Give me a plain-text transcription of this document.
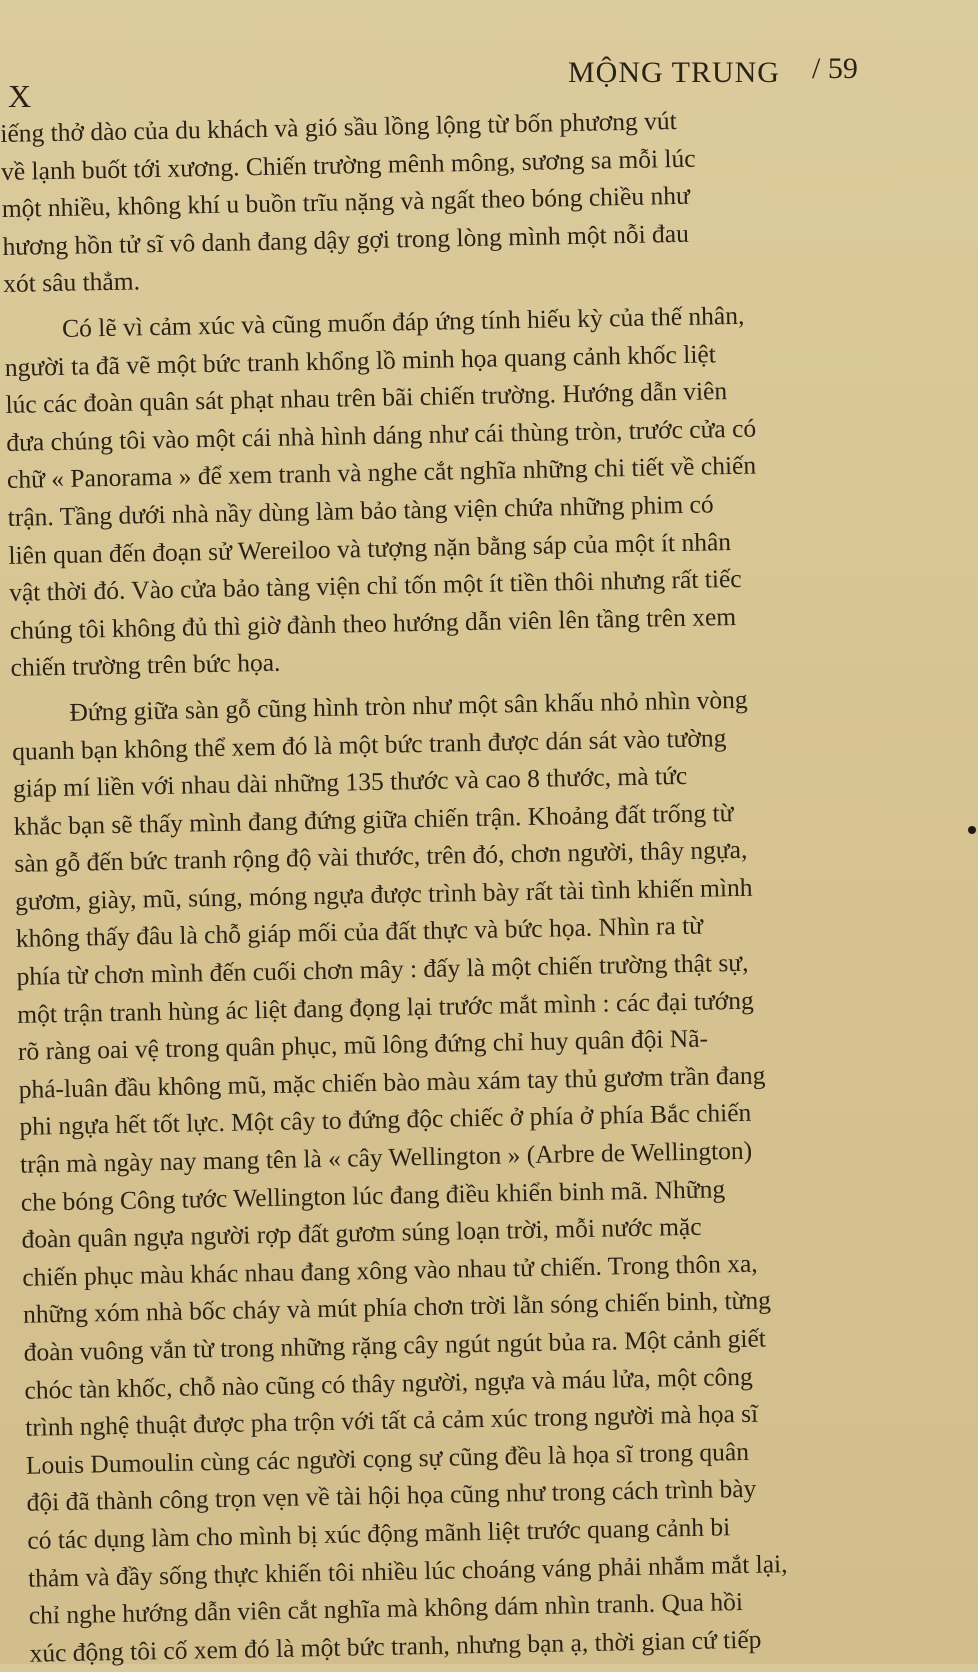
X
MỘNG TRUNG / 59
iếng thở dào của du khách và gió sầu lồng lộng từ bốn phương vút
về lạnh buốt tới xương. Chiến trường mênh mông, sương sa mỗi lúc
một nhiều, không khí u buồn trĩu nặng và ngất theo bóng chiều như
hương hồn tử sĩ vô danh đang dậy gợi trong lòng mình một nỗi đau
xót sâu thẳm.
Có lẽ vì cảm xúc và cũng muốn đáp ứng tính hiếu kỳ của thế nhân,
người ta đã vẽ một bức tranh khổng lồ minh họa quang cảnh khốc liệt
lúc các đoàn quân sát phạt nhau trên bãi chiến trường. Hướng dẫn viên
đưa chúng tôi vào một cái nhà hình dáng như cái thùng tròn, trước cửa có
chữ « Panorama » để xem tranh và nghe cắt nghĩa những chi tiết về chiến
trận. Tầng dưới nhà nầy dùng làm bảo tàng viện chứa những phim có
liên quan đến đoạn sử Wereiloo và tượng nặn bằng sáp của một ít nhân
vật thời đó. Vào cửa bảo tàng viện chỉ tốn một ít tiền thôi nhưng rất tiếc
chúng tôi không đủ thì giờ đành theo hướng dẫn viên lên tầng trên xem
chiến trường trên bức họa.
Đứng giữa sàn gỗ cũng hình tròn như một sân khấu nhỏ nhìn vòng
quanh bạn không thể xem đó là một bức tranh được dán sát vào tường
giáp mí liền với nhau dài những 135 thước và cao 8 thước, mà tức
khắc bạn sẽ thấy mình đang đứng giữa chiến trận. Khoảng đất trống từ
sàn gỗ đến bức tranh rộng độ vài thước, trên đó, chơn người, thây ngựa,
gươm, giày, mũ, súng, móng ngựa được trình bày rất tài tình khiến mình
không thấy đâu là chỗ giáp mối của đất thực và bức họa. Nhìn ra từ
phía từ chơn mình đến cuối chơn mây : đấy là một chiến trường thật sự,
một trận tranh hùng ác liệt đang đọng lại trước mắt mình : các đại tướng
rõ ràng oai vệ trong quân phục, mũ lông đứng chỉ huy quân đội Nã-
phá-luân đầu không mũ, mặc chiến bào màu xám tay thủ gươm trần đang
phi ngựa hết tốt lực. Một cây to đứng độc chiếc ở phía ở phía Bắc chiến
trận mà ngày nay mang tên là « cây Wellington » (Arbre de Wellington)
che bóng Công tước Wellington lúc đang điều khiển binh mã. Những
đoàn quân ngựa người rợp đất gươm súng loạn trời, mỗi nước mặc
chiến phục màu khác nhau đang xông vào nhau tử chiến. Trong thôn xa,
những xóm nhà bốc cháy và mút phía chơn trời lằn sóng chiến binh, từng
đoàn vuông vắn từ trong những rặng cây ngút ngút bủa ra. Một cảnh giết
chóc tàn khốc, chỗ nào cũng có thây người, ngựa và máu lửa, một công
trình nghệ thuật được pha trộn với tất cả cảm xúc trong người mà họa sĩ
Louis Dumoulin cùng các người cọng sự cũng đều là họa sĩ trong quân
đội đã thành công trọn vẹn về tài hội họa cũng như trong cách trình bày
có tác dụng làm cho mình bị xúc động mãnh liệt trước quang cảnh bi
thảm và đầy sống thực khiến tôi nhiều lúc choáng váng phải nhắm mắt lại,
chỉ nghe hướng dẫn viên cắt nghĩa mà không dám nhìn tranh. Qua hồi
xúc động tôi cố xem đó là một bức tranh, nhưng bạn ạ, thời gian cứ tiếp
